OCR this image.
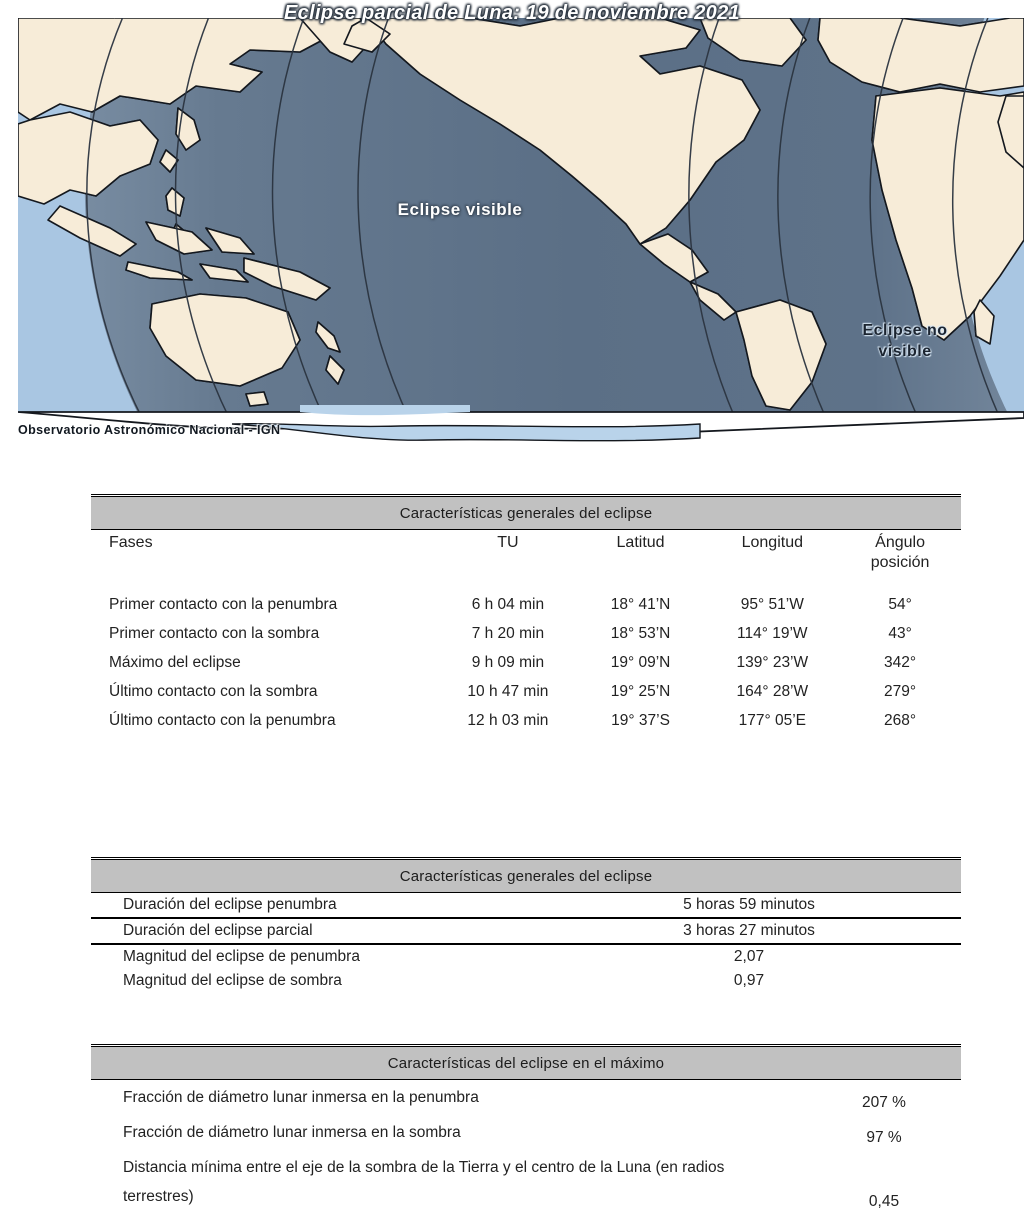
Eclipse parcial de Luna: 19 de noviembre 2021
Eclipse visible
Eclipse no
visible
Observatorio Astronómico Nacional - IGN
Características generales del eclipse				
Fases	TU	Latitud	Longitud	Ángulo
posición

Primer contacto con la penumbra	6 h 04 min	18° 41’N	95° 51’W	54°
Primer contacto con la sombra	7 h 20 min	18° 53’N	114° 19’W	43°
Máximo del eclipse	9 h 09 min	19° 09’N	139° 23’W	342°
Último contacto con la sombra	10 h 47 min	19° 25’N	164° 28’W	279°
Último contacto con la penumbra	12 h 03 min	19° 37’S	177° 05’E	268°
Características generales del eclipse	
Duración del eclipse penumbra	5 horas 59 minutos
Duración del eclipse parcial	3 horas 27 minutos
Magnitud del eclipse de penumbra	2,07
Magnitud del eclipse de sombra	0,97
Características del eclipse en el máximo	
Fracción de diámetro lunar inmersa en la penumbra	207 %
Fracción de diámetro lunar inmersa en la sombra	97 %
Distancia mínima entre el eje de la sombra de la Tierra y el centro de la Luna (en radios terrestres)	0,45
